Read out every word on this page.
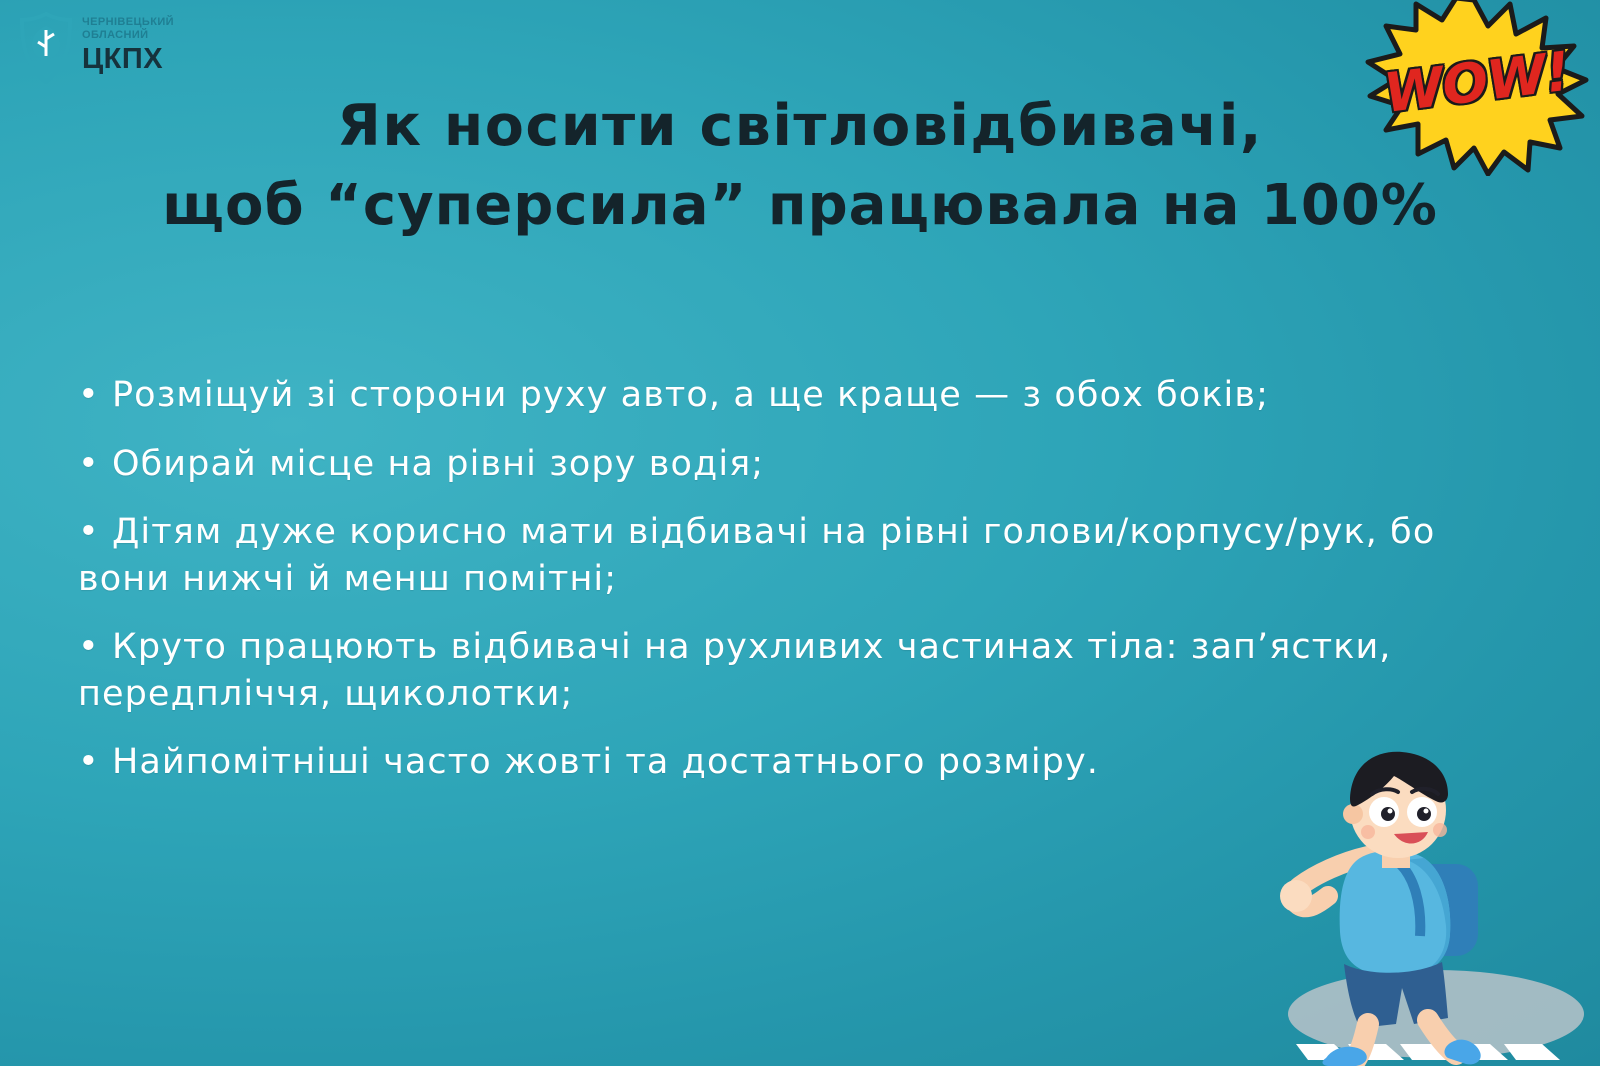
ЧЕРНІВЕЦЬКИЙ
ОБЛАСНИЙ
ЦКПХ	WOW!
Як носити світловідбивачі,
щоб “суперсила” працювала на 100%
• Розміщуй зі сторони руху авто, а ще краще — з обох боків;
• Обирай місце на рівні зору водія;
• Дітям дуже корисно мати відбивачі на рівні голови/корпусу/рук, бо вони нижчі й менш помітні;
• Круто працюють відбивачі на рухливих частинах тіла: зап’ястки, передпліччя, щиколотки;
• Найпомітніші часто жовті та достатнього розміру.
